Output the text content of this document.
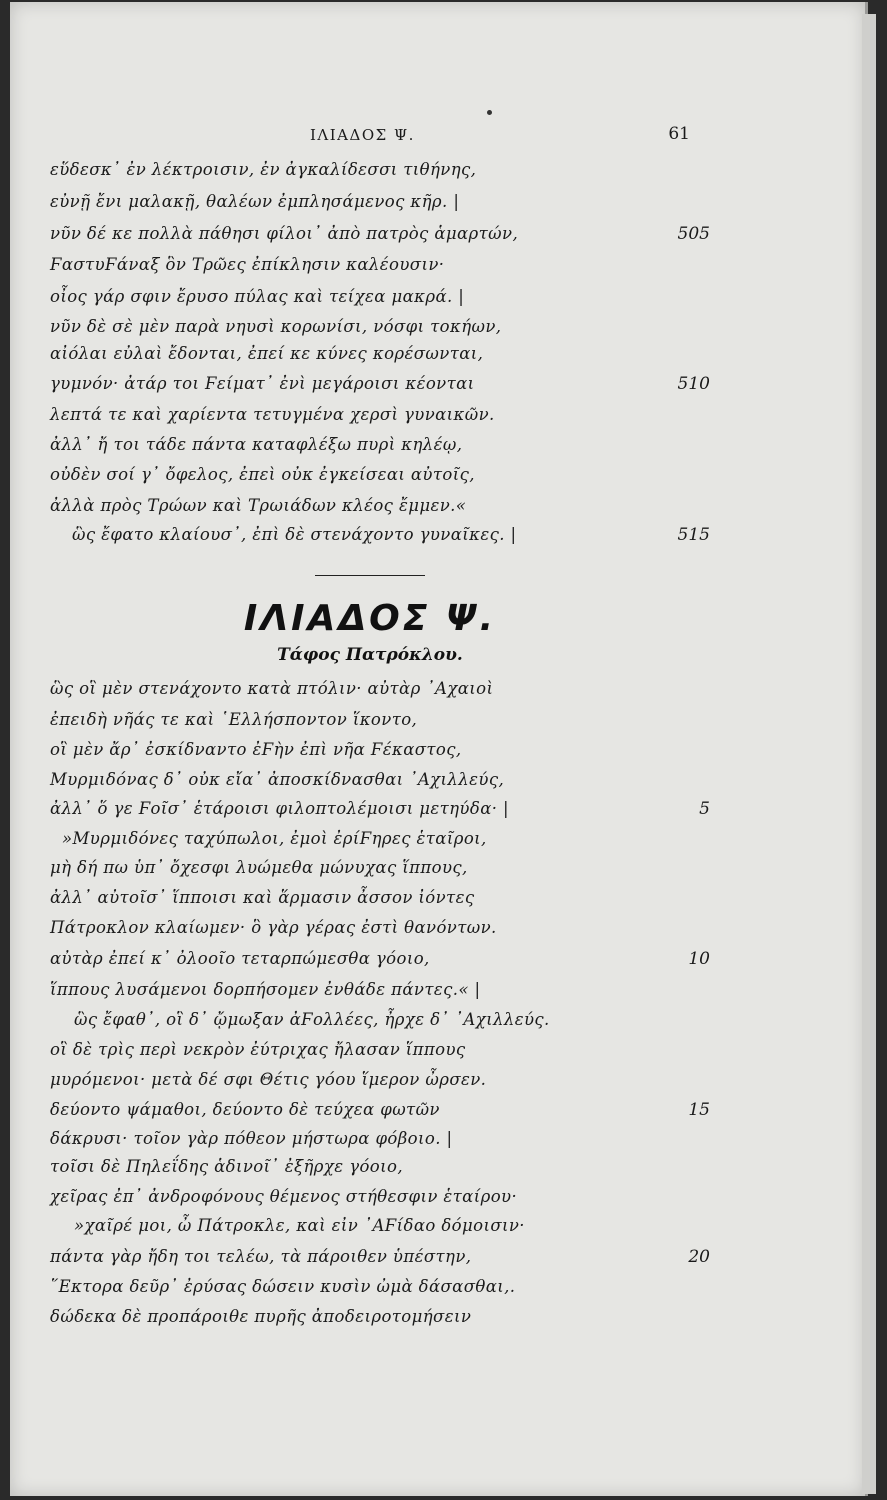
ΙΛΙΑΔΟΣ Ψ.	61
εὕδεσκ᾽ ἐν λέκτροισιν, ἐν ἀγκαλίδεσσι τιθήνης,
εὐνῇ ἔνι μαλακῇ, θαλέων ἐμπλησάμενος κῆρ. |
νῦν δέ κε πολλὰ πάθησι φίλοι᾽ ἀπὸ πατρὸς ἁμαρτών,
ϜαστυϜάναξ ὃν Τρῶες ἐπίκλησιν καλέουσιν·
οἶος γάρ σφιν ἔρυσο πύλας καὶ τείχεα μακρά. |
νῦν δὲ σὲ μὲν παρὰ νηυσὶ κορωνίσι, νόσφι τοκήων,
αἰόλαι εὐλαὶ ἔδονται, ἐπεί κε κύνες κορέσωνται,
γυμνόν· ἀτάρ τοι Ϝείματ᾽ ἐνὶ μεγάροισι κέονται
λεπτά τε καὶ χαρίεντα τετυγμένα χερσὶ γυναικῶν.
ἀλλ᾽ ἤ τοι τάδε πάντα καταφλέξω πυρὶ κηλέῳ,
οὐδὲν σοί γ᾽ ὄφελος, ἐπεὶ οὐκ ἐγκείσεαι αὐτοῖς,
ἀλλὰ πρὸς Τρώων καὶ Τρωιάδων κλέος ἔμμεν.«
ὣς ἔφατο κλαίουσ᾽, ἐπὶ δὲ στενάχοντο γυναῖκες. |
505
510
515
ΙΛΙΑΔΟΣ Ψ.
Τάφος Πατρόκλου.
ὣς οἳ μὲν στενάχοντο κατὰ πτόλιν· αὐτὰρ ᾿Αχαιοὶ
ἐπειδὴ νῆάς τε καὶ ῾Ελλήσποντον ἵκοντο,
οἳ μὲν ἄρ᾽ ἐσκίδναντο ἐϜὴν ἐπὶ νῆα Ϝέκαστος,
Μυρμιδόνας δ᾽ οὐκ εἴα᾽ ἀποσκίδνασθαι ᾿Αχιλλεύς,
ἀλλ᾽ ὅ γε Ϝοῖσ᾽ ἑτάροισι φιλοπτολέμοισι μετηύδα· |
»Μυρμιδόνες ταχύπωλοι, ἐμοὶ ἐρίϜηρες ἑταῖροι,
μὴ δή πω ὑπ᾽ ὄχεσφι λυώμεθα μώνυχας ἵππους,
ἀλλ᾽ αὐτοῖσ᾽ ἵπποισι καὶ ἅρμασιν ἆσσον ἰόντες
Πάτροκλον κλαίωμεν· ὃ γὰρ γέρας ἐστὶ θανόντων.
αὐτὰρ ἐπεί κ᾽ ὀλοοῖο τεταρπώμεσθα γόοιο,
ἵππους λυσάμενοι δορπήσομεν ἐνθάδε πάντες.« |
ὣς ἔφαθ᾽, οἳ δ᾽ ᾤμωξαν ἀϜολλέες, ἦρχε δ᾽ ᾿Αχιλλεύς.
οἳ δὲ τρὶς περὶ νεκρὸν ἐύτριχας ἤλασαν ἵππους
μυρόμενοι· μετὰ δέ σφι Θέτις γόου ἵμερον ὦρσεν.
δεύοντο ψάμαθοι, δεύοντο δὲ τεύχεα φωτῶν
δάκρυσι· τοῖον γὰρ πόθεον μήστωρα φόβοιο. |
τοῖσι δὲ Πηλεΐδης ἁδινοῖ᾽ ἐξῆρχε γόοιο,
χεῖρας ἐπ᾽ ἀνδροφόνους θέμενος στήθεσφιν ἑταίρου·
»χαῖρέ μοι, ὦ Πάτροκλε, καὶ εἰν ᾿ΑϜίδαο δόμοισιν·
πάντα γὰρ ἤδη τοι τελέω, τὰ πάροιθεν ὑπέστην,
῞Εκτορα δεῦρ᾽ ἐρύσας δώσειν κυσὶν ὠμὰ δάσασθαι,.
δώδεκα δὲ προπάροιθε πυρῆς ἀποδειροτομήσειν
5
10
15
20
